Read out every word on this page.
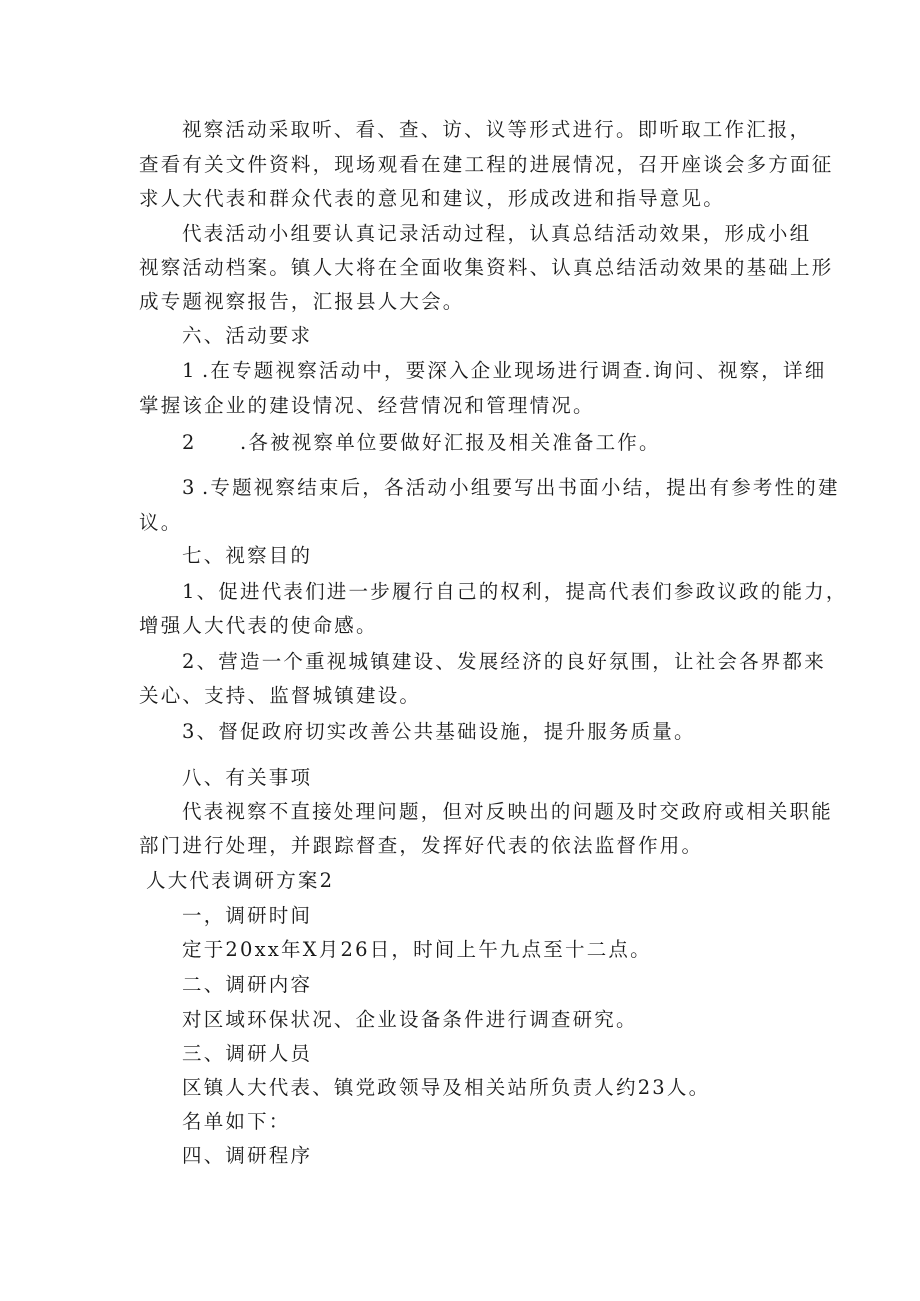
视察活动采取听、看、查、访、议等形式进行。即听取工作汇报，
查看有关文件资料，现场观看在建工程的进展情况，召开座谈会多方面征
求人大代表和群众代表的意见和建议，形成改进和指导意见。
代表活动小组要认真记录活动过程，认真总结活动效果，形成小组
视察活动档案。镇人大将在全面收集资料、认真总结活动效果的基础上形
成专题视察报告，汇报县人大会。
六、活动要求
1 .在专题视察活动中，要深入企业现场进行调查.询问、视察，详细
掌握该企业的建设情况、经营情况和管理情况。
2 .各被视察单位要做好汇报及相关准备工作。
3 .专题视察结束后，各活动小组要写出书面小结，提出有参考性的建
议。
七、视察目的
1、促进代表们进一步履行自己的权利，提高代表们参政议政的能力，
增强人大代表的使命感。
2、营造一个重视城镇建设、发展经济的良好氛围，让社会各界都来
关心、支持、监督城镇建设。
3、督促政府切实改善公共基础设施，提升服务质量。
八、有关事项
代表视察不直接处理问题，但对反映出的问题及时交政府或相关职能
部门进行处理，并跟踪督查，发挥好代表的依法监督作用。
人大代表调研方案2
一，调研时间
定于20xx年X月26日，时间上午九点至十二点。
二、调研内容
对区域环保状况、企业设备条件进行调查研究。
三、调研人员
区镇人大代表、镇党政领导及相关站所负责人约23人。
名单如下：
四、调研程序
